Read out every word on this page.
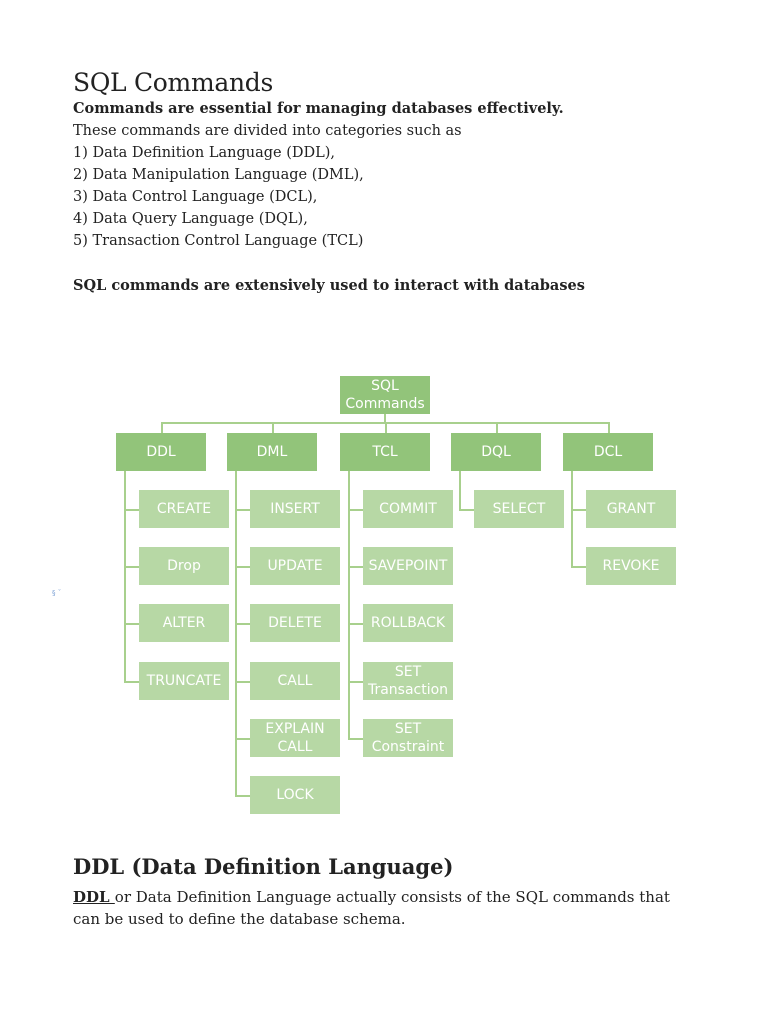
SQL Commands

Commands are essential for managing databases effectively.

These commands are divided into categories such as

1) Data Definition Language (DDL),

2) Data Manipulation Language (DML),

3) Data Control Language (DCL),

4) Data Query Language (DQL),

5) Transaction Control Language (TCL)

SQL commands are extensively used to interact with databases

SQL Commands
DDL
CREATE
Drop
ALTER
TRUNCATE
DML
INSERT
UPDATE
DELETE
CALL
EXPLAIN CALL
LOCK
TCL
COMMIT
SAVEPOINT
ROLLBACK
SET Transaction
SET Constraint
DQL
SELECT
DCL
GRANT
REVOKE
§ ˇ
DDL (Data Definition Language)

DDL or Data Definition Language actually consists of the SQL commands that can be used to define the database schema.
